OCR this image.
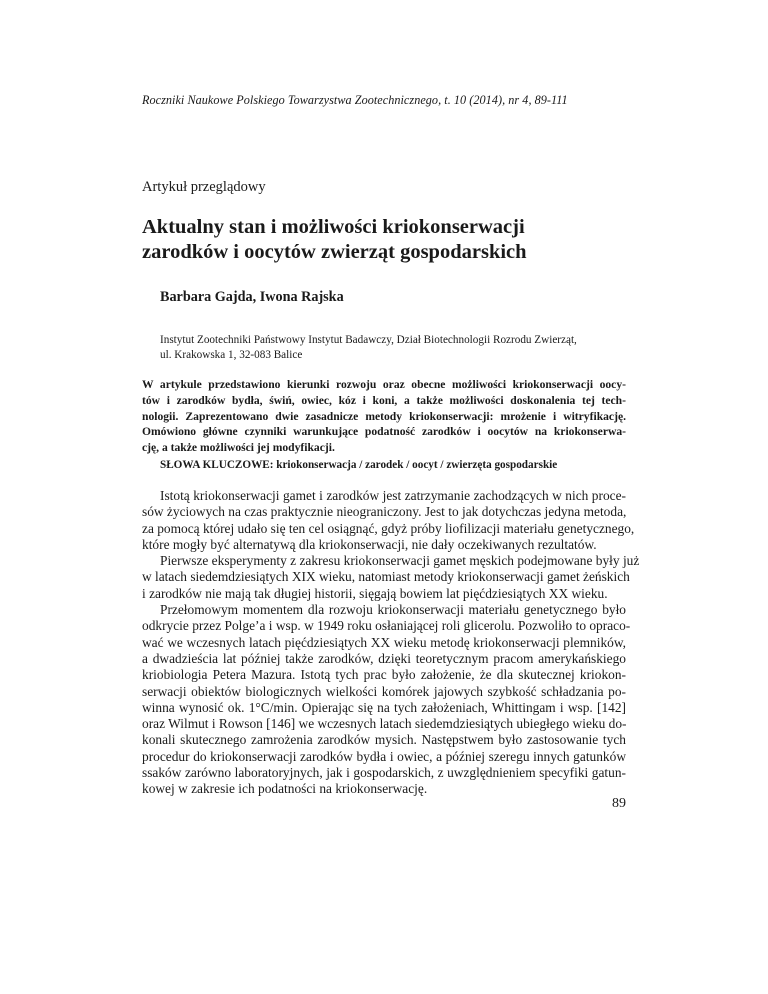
Roczniki Naukowe Polskiego Towarzystwa Zootechnicznego, t. 10 (2014), nr 4, 89-111
Artykuł przeglądowy
Aktualny stan i możliwości kriokonserwacji
zarodków i oocytów zwierząt gospodarskich
Barbara Gajda, Iwona Rajska
Instytut Zootechniki Państwowy Instytut Badawczy, Dział Biotechnologii Rozrodu Zwierząt,
ul. Krakowska 1, 32-083 Balice
W artykule przedstawiono kierunki rozwoju oraz obecne możliwości kriokonserwacji oocy-
tów i zarodków bydła, świń, owiec, kóz i koni, a także możliwości doskonalenia tej tech-
nologii. Zaprezentowano dwie zasadnicze metody kriokonserwacji: mrożenie i witryfikację.
Omówiono główne czynniki warunkujące podatność zarodków i oocytów na kriokonserwa-
cję, a także możliwości jej modyfikacji.
SŁOWA KLUCZOWE: kriokonserwacja / zarodek / oocyt / zwierzęta gospodarskie
Istotą kriokonserwacji gamet i zarodków jest zatrzymanie zachodzących w nich proce-
sów życiowych na czas praktycznie nieograniczony. Jest to jak dotychczas jedyna metoda,
za pomocą której udało się ten cel osiągnąć, gdyż próby liofilizacji materiału genetycznego,
które mogły być alternatywą dla kriokonserwacji, nie dały oczekiwanych rezultatów.
Pierwsze eksperymenty z zakresu kriokonserwacji gamet męskich podejmowane były już
w latach siedemdziesiątych XIX wieku, natomiast metody kriokonserwacji gamet żeńskich
i zarodków nie mają tak długiej historii, sięgają bowiem lat pięćdziesiątych XX wieku.
Przełomowym momentem dla rozwoju kriokonserwacji materiału genetycznego było
odkrycie przez Polge’a i wsp. w 1949 roku osłaniającej roli glicerolu. Pozwoliło to opraco-
wać we wczesnych latach pięćdziesiątych XX wieku metodę kriokonserwacji plemników,
a dwadzieścia lat później także zarodków, dzięki teoretycznym pracom amerykańskiego
kriobiologia Petera Mazura. Istotą tych prac było założenie, że dla skutecznej kriokon-
serwacji obiektów biologicznych wielkości komórek jajowych szybkość schładzania po-
winna wynosić ok. 1°C/min. Opierając się na tych założeniach, Whittingam i wsp. [142]
oraz Wilmut i Rowson [146] we wczesnych latach siedemdziesiątych ubiegłego wieku do-
konali skutecznego zamrożenia zarodków mysich. Następstwem było zastosowanie tych
procedur do kriokonserwacji zarodków bydła i owiec, a później szeregu innych gatunków
ssaków zarówno laboratoryjnych, jak i gospodarskich, z uwzględnieniem specyfiki gatun-
kowej w zakresie ich podatności na kriokonserwację.
89
